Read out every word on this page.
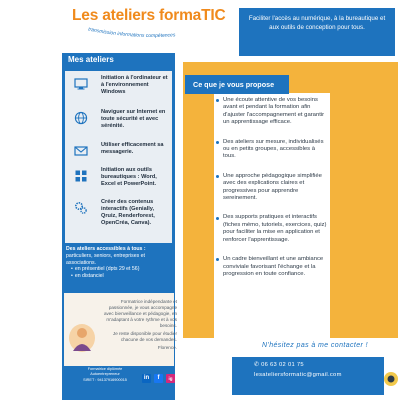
Les ateliers formaTIC
transmission informations compétences
Faciliter l'accès au numérique, à la bureautique et aux outils de conception pour tous.
Mes ateliers
Initiation à l'ordinateur et à l'environnement Windows
Naviguer sur Internet en toute sécurité et avec sérénité.
Utiliser efficacement sa messagerie.
Initiation aux outils bureautiques : Word, Excel et PowerPoint.
Créer des contenus interactifs (Genially, Qruiz, Renderforest, OpenCréa, Canva).
Des ateliers accessibles à tous :
particuliers, seniors, entreprises et associations.
• en présentiel (dpts 29 et 56)
• en distanciel

Formatrice indépendante et passionnée, je vous accompagne avec bienveillance et pédagogie, en m'adaptant à votre rythme et à vos besoins.

Je reste disponible pour étudier chacune de vos demandes.

Florence.

Formatrice diplômée
Autoentrepreneur
SIRET : 94137916900015	in	f	ig
Ce que je vous propose
Une écoute attentive de vos besoins avant et pendant la formation afin d'ajuster l'accompagnement et garantir un apprentissage efficace.
Des ateliers sur mesure, individualisés ou en petits groupes, accessibles à tous.
Une approche pédagogique simplifiée avec des explications claires et progressives pour apprendre sereinement.
Des supports pratiques et interactifs (fiches mémo, tutoriels, exercices, quiz) pour faciliter la mise en application et renforcer l'apprentissage.
Un cadre bienveillant et une ambiance conviviale favorisant l'échange et la progression en toute confiance.
N'hésitez pas à me contacter !
✆ 06 63 02 01 75
lesateliersformatic@gmail.com
